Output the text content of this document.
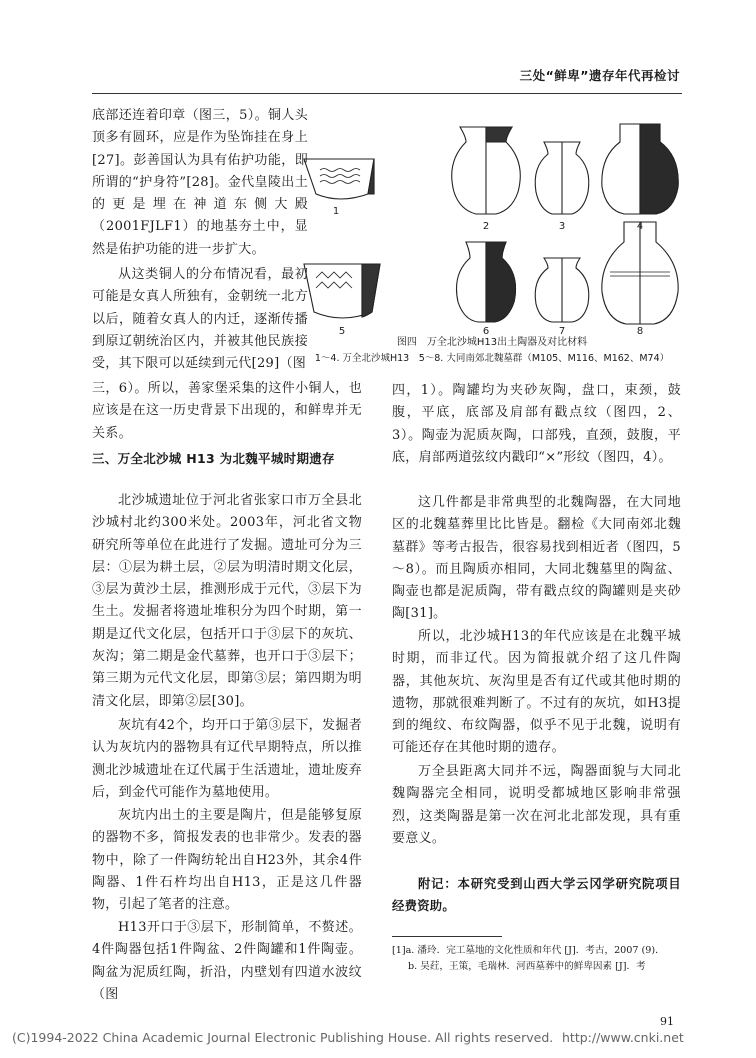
三处“鲜卑”遗存年代再检讨

底部还连着印章（图三，5）。铜人头顶多有圆环，应是作为坠饰挂在身上[27]。彭善国认为具有佑护功能，即所谓的“护身符”[28]。金代皇陵出土的更是埋在神道东侧大殿（2001FJLF1）的地基夯土中，显然是佑护功能的进一步扩大。

从这类铜人的分布情况看，最初可能是女真人所独有，金朝统一北方以后，随着女真人的内迁，逐渐传播到原辽朝统治区内，并被其他民族接受，其下限可以延续到元代[29]（图

三，6）。所以，善家堡采集的这件小铜人，也应该是在这一历史背景下出现的，和鲜卑并无关系。

三、万全北沙城 H13 为北魏平城时期遗存

北沙城遗址位于河北省张家口市万全县北沙城村北约300米处。2003年，河北省文物研究所等单位在此进行了发掘。遗址可分为三层：①层为耕土层，②层为明清时期文化层，③层为黄沙土层，推测形成于元代，③层下为生土。发掘者将遗址堆积分为四个时期，第一期是辽代文化层，包括开口于③层下的灰坑、灰沟；第二期是金代墓葬，也开口于③层下；第三期为元代文化层，即第③层；第四期为明清文化层，即第②层[30]。

灰坑有42个，均开口于第③层下，发掘者认为灰坑内的器物具有辽代早期特点，所以推测北沙城遗址在辽代属于生活遗址，遗址废弃后，到金代可能作为墓地使用。

灰坑内出土的主要是陶片，但是能够复原的器物不多，简报发表的也非常少。发表的器物中，除了一件陶纺轮出自H23外，其余4件陶器、1件石杵均出自H13，正是这几件器物，引起了笔者的注意。

H13开口于③层下，形制简单，不赘述。4件陶器包括1件陶盆、2件陶罐和1件陶壶。陶盆为泥质红陶，折沿，内壁划有四道水波纹（图

1
2	3	4
5	6	7	8
图四　万全北沙城H13出土陶器及对比材料
1～4. 万全北沙城H13　5～8. 大同南郊北魏墓群（M105、M116、M162、M74）

四，1）。陶罐均为夹砂灰陶，盘口，束颈，鼓腹，平底，底部及肩部有戳点纹（图四，2、3）。陶壶为泥质灰陶，口部残，直颈，鼓腹，平底，肩部两道弦纹内戳印“×”形纹（图四，4）。

这几件都是非常典型的北魏陶器，在大同地区的北魏墓葬里比比皆是。翻检《大同南郊北魏墓群》等考古报告，很容易找到相近者（图四，5～8）。而且陶质亦相同，大同北魏墓里的陶盆、陶壶也都是泥质陶，带有戳点纹的陶罐则是夹砂陶[31]。

所以，北沙城H13的年代应该是在北魏平城时期，而非辽代。因为简报就介绍了这几件陶器，其他灰坑、灰沟里是否有辽代或其他时期的遗物，那就很难判断了。不过有的灰坑，如H3提到的绳纹、布纹陶器，似乎不见于北魏，说明有可能还存在其他时期的遗存。

万全县距离大同并不远，陶器面貌与大同北魏陶器完全相同，说明受都城地区影响非常强烈，这类陶器是第一次在河北北部发现，具有重要意义。

附记：本研究受到山西大学云冈学研究院项目经费资助。

[1]a. 潘玲．完工墓地的文化性质和年代 [J]．考古，2007 (9)．

b. 吴荭，王策，毛瑞林．河西墓葬中的鲜卑因素 [J]．考

91
(C)1994-2022 China Academic Journal Electronic Publishing House. All rights reserved. http://www.cnki.net
